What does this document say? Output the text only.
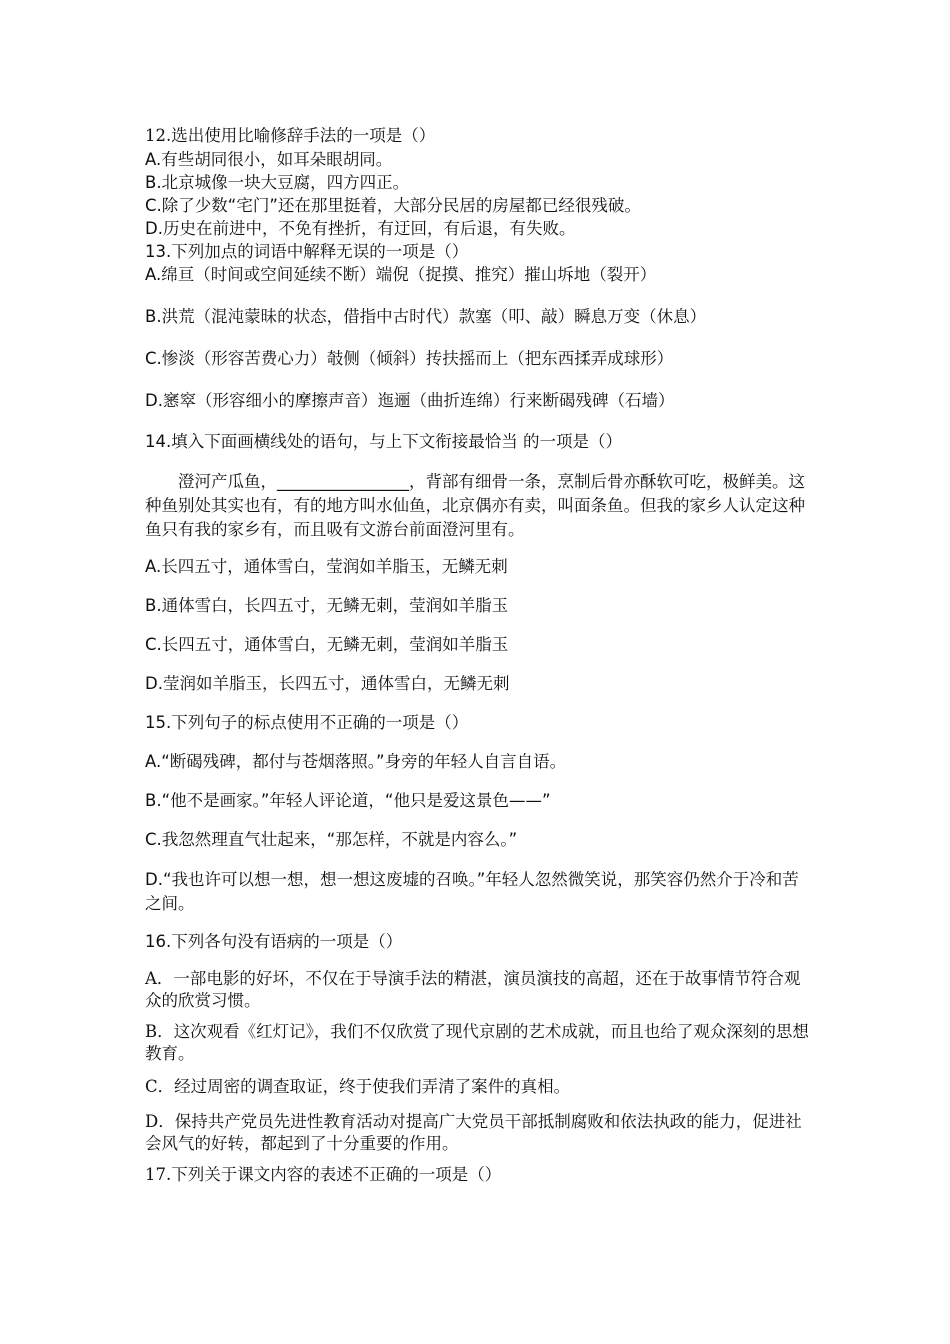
12.选出使用比喻修辞手法的一项是（）
A.有些胡同很小，如耳朵眼胡同。
B.北京城像一块大豆腐，四方四正。
C.除了少数“宅门”还在那里挺着，大部分民居的房屋都已经很残破。
D.历史在前进中，不免有挫折，有迂回，有后退，有失败。
13.下列加点的词语中解释无误的一项是（）
A.绵亘（时间或空间延续不断）端倪（捉摸、推究）摧山坼地（裂开）
B.洪荒（混沌蒙昧的状态，借指中古时代）款塞（叩、敲）瞬息万变（休息）
C.惨淡（形容苦费心力）攲侧（倾斜）抟扶摇而上（把东西揉弄成球形）
D.窸窣（形容细小的摩擦声音）迤逦（曲折连绵）行来断碣残碑（石墙）
14.填入下面画横线处的语句，与上下文衔接最恰当 的一项是（）
澄河产瓜鱼，________________，背部有细骨一条，烹制后骨亦酥软可吃，极鲜美。这种鱼别处其实也有，有的地方叫水仙鱼，北京偶亦有卖，叫面条鱼。但我的家乡人认定这种鱼只有我的家乡有，而且吸有文游台前面澄河里有。
A.长四五寸，通体雪白，莹润如羊脂玉，无鳞无刺
B.通体雪白，长四五寸，无鳞无刺，莹润如羊脂玉
C.长四五寸，通体雪白，无鳞无刺，莹润如羊脂玉
D.莹润如羊脂玉，长四五寸，通体雪白，无鳞无刺
15.下列句子的标点使用不正确的一项是（）
A.“断碣残碑，都付与苍烟落照。”身旁的年轻人自言自语。
B.“他不是画家。”年轻人评论道，“他只是爱这景色——”
C.我忽然理直气壮起来，“那怎样，不就是内容么。”
D.“我也许可以想一想，想一想这废墟的召唤。”年轻人忽然微笑说，那笑容仍然介于冷和苦之间。
16.下列各句没有语病的一项是（）
A．一部电影的好坏，不仅在于导演手法的精湛，演员演技的高超，还在于故事情节符合观众的欣赏习惯。
B．这次观看《红灯记》，我们不仅欣赏了现代京剧的艺术成就，而且也给了观众深刻的思想教育。
C．经过周密的调查取证，终于使我们弄清了案件的真相。
D．保持共产党员先进性教育活动对提高广大党员干部抵制腐败和依法执政的能力，促进社会风气的好转，都起到了十分重要的作用。
17.下列关于课文内容的表述不正确的一项是（）
